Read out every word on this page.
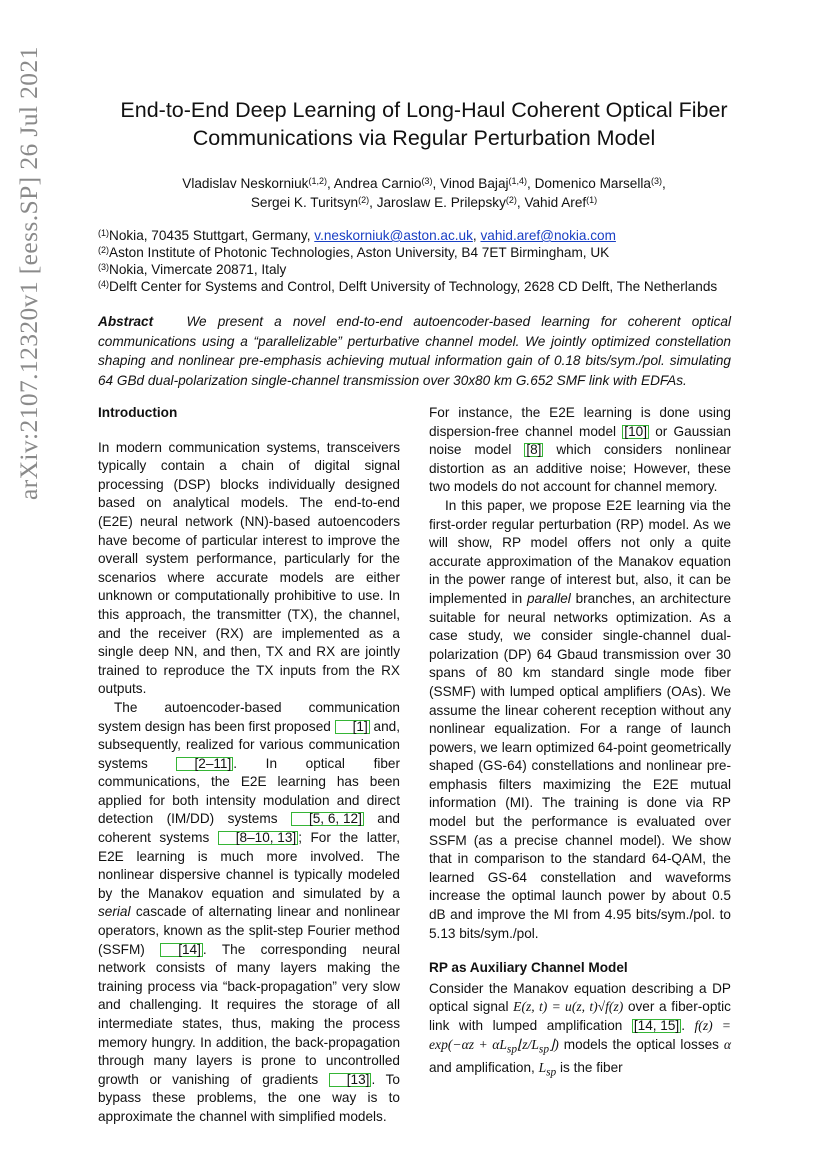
arXiv:2107.12320v1 [eess.SP] 26 Jul 2021	End-to-End Deep Learning of Long-Haul Coherent Optical Fiber
Communications via Regular Perturbation Model
Vladislav Neskorniuk$^{(1,2)}$, Andrea Carnio$^{(3)}$, Vinod Bajaj$^{(1,4)}$, Domenico Marsella$^{(3)}$,
Sergei K. Turitsyn$^{(2)}$, Jaroslaw E. Prilepsky$^{(2)}$, Vahid Aref$^{(1)}$
$^{(1)}$Nokia, 70435 Stuttgart, Germany, v.neskorniuk@aston.ac.uk, vahid.aref@nokia.com
$^{(2)}$Aston Institute of Photonic Technologies, Aston University, B4 7ET Birmingham, UK
$^{(3)}$Nokia, Vimercate 20871, Italy
$^{(4)}$Delft Center for Systems and Control, Delft University of Technology, 2628 CD Delft, The Netherlands
Abstract We present a novel end-to-end autoencoder-based learning for coherent optical communications using a “parallelizable” perturbative channel model. We jointly optimized constellation shaping and nonlinear pre-emphasis achieving mutual information gain of 0.18 bits/sym./pol. simulating 64 GBd dual-polarization single-channel transmission over 30x80 km G.652 SMF link with EDFAs.
Introduction

In modern communication systems, transceivers typically contain a chain of digital signal processing (DSP) blocks individually designed based on analytical models. The end-to-end (E2E) neural network (NN)-based autoencoders have become of particular interest to improve the overall system performance, particularly for the scenarios where accurate models are either unknown or computationally prohibitive to use. In this approach, the transmitter (TX), the channel, and the receiver (RX) are implemented as a single deep NN, and then, TX and RX are jointly trained to reproduce the TX inputs from the RX outputs.

The autoencoder-based communication system design has been first proposed [1] and, subsequently, realized for various communication systems [2–11] . In optical fiber communications, the E2E learning has been applied for both intensity modulation and direct detection (IM/DD) systems [5, 6, 12] and coherent systems [8–10, 13] ; For the latter, E2E learning is much more involved. The nonlinear dispersive channel is typically modeled by the Manakov equation and simulated by a serial cascade of alternating linear and nonlinear operators, known as the split-step Fourier method (SSFM) [14] . The corresponding neural network consists of many layers making the training process via “back-propagation” very slow and challenging. It requires the storage of all intermediate states, thus, making the process memory hungry. In addition, the back-propagation through many layers is prone to uncontrolled growth or vanishing of gradients [13] . To bypass these problems, the one way is to approximate the channel with simplified models.

For instance, the E2E learning is done using dispersion-free channel model [10] or Gaussian noise model [8] which considers nonlinear distortion as an additive noise; However, these two models do not account for channel memory.

In this paper, we propose E2E learning via the first-order regular perturbation (RP) model. As we will show, RP model offers not only a quite accurate approximation of the Manakov equation in the power range of interest but, also, it can be implemented in parallel branches, an architecture suitable for neural networks optimization. As a case study, we consider single-channel dual-polarization (DP) 64 Gbaud transmission over 30 spans of 80 km standard single mode fiber (SSMF) with lumped optical amplifiers (OAs). We assume the linear coherent reception without any nonlinear equalization. For a range of launch powers, we learn optimized 64-point geometrically shaped (GS-64) constellations and nonlinear pre-emphasis filters maximizing the E2E mutual information (MI). The training is done via RP model but the performance is evaluated over SSFM (as a precise channel model). We show that in comparison to the standard 64-QAM, the learned GS-64 constellation and waveforms increase the optimal launch power by about 0.5 dB and improve the MI from 4.95 bits/sym./pol. to 5.13 bits/sym./pol.

RP as Auxiliary Channel Model

Consider the Manakov equation describing a DP optical signal E(z, t) = u(z, t)√f(z) over a fiber-optic link with lumped amplification [14, 15] . $f(z) = \exp(-\alpha z + \alpha L_{sp}⌊z/L_{sp}⌋)$ models the optical losses α and amplification, $L_{sp}$ is the fiber
